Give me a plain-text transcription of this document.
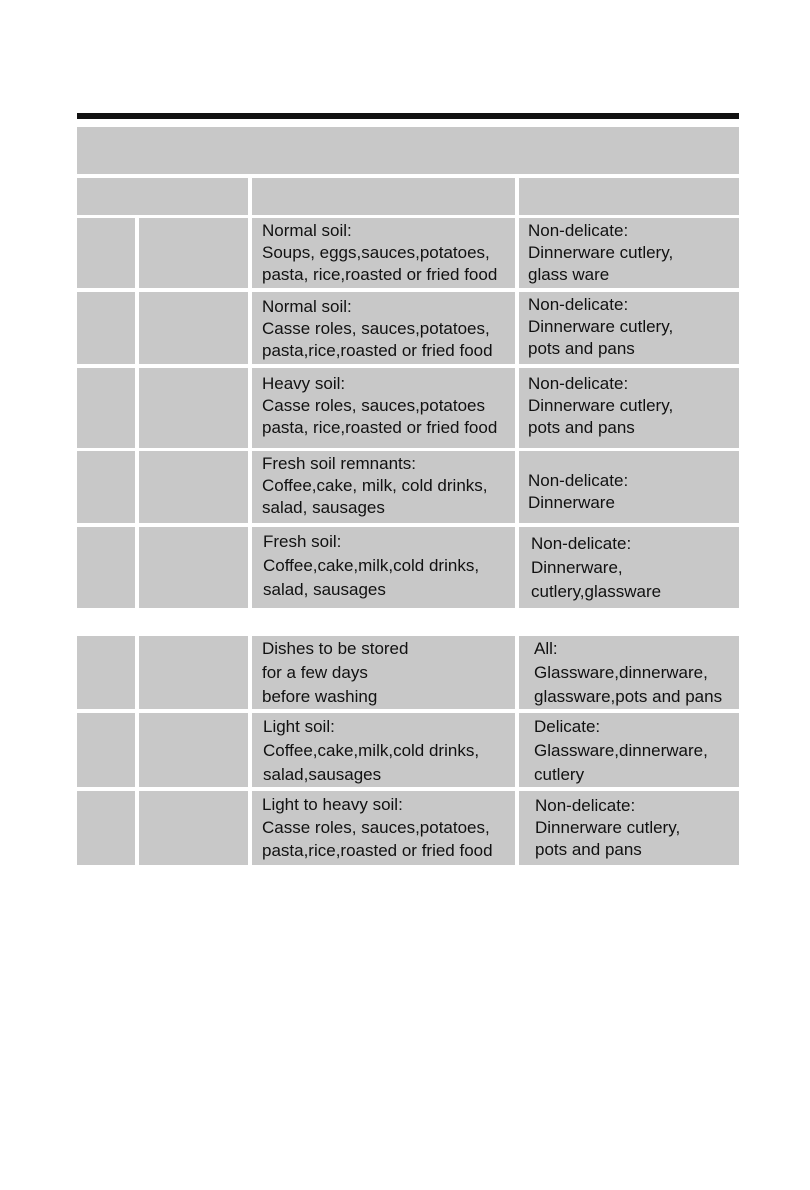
Normal soil:
Soups, eggs,sauces,potatoes,
pasta, rice,roasted or fried food
Non-delicate:
Dinnerware cutlery,
glass ware
Normal soil:
Casse roles, sauces,potatoes,
pasta,rice,roasted or fried food
Non-delicate:
Dinnerware cutlery,
pots and pans
Heavy soil:
Casse roles, sauces,potatoes
pasta, rice,roasted or fried food
Non-delicate:
Dinnerware cutlery,
pots and pans
Fresh soil remnants:
Coffee,cake, milk, cold drinks,
salad, sausages
Non-delicate:
Dinnerware
Fresh soil:
Coffee,cake,milk,cold drinks,
salad, sausages
Non-delicate:
Dinnerware,
cutlery,glassware
Dishes to be stored
for a few days
before washing
All:
Glassware,dinnerware,
glassware,pots and pans
Light soil:
Coffee,cake,milk,cold drinks,
salad,sausages
Delicate:
Glassware,dinnerware,
cutlery
Light to heavy soil:
Casse roles, sauces,potatoes,
pasta,rice,roasted or fried food
Non-delicate:
Dinnerware cutlery,
pots and pans
